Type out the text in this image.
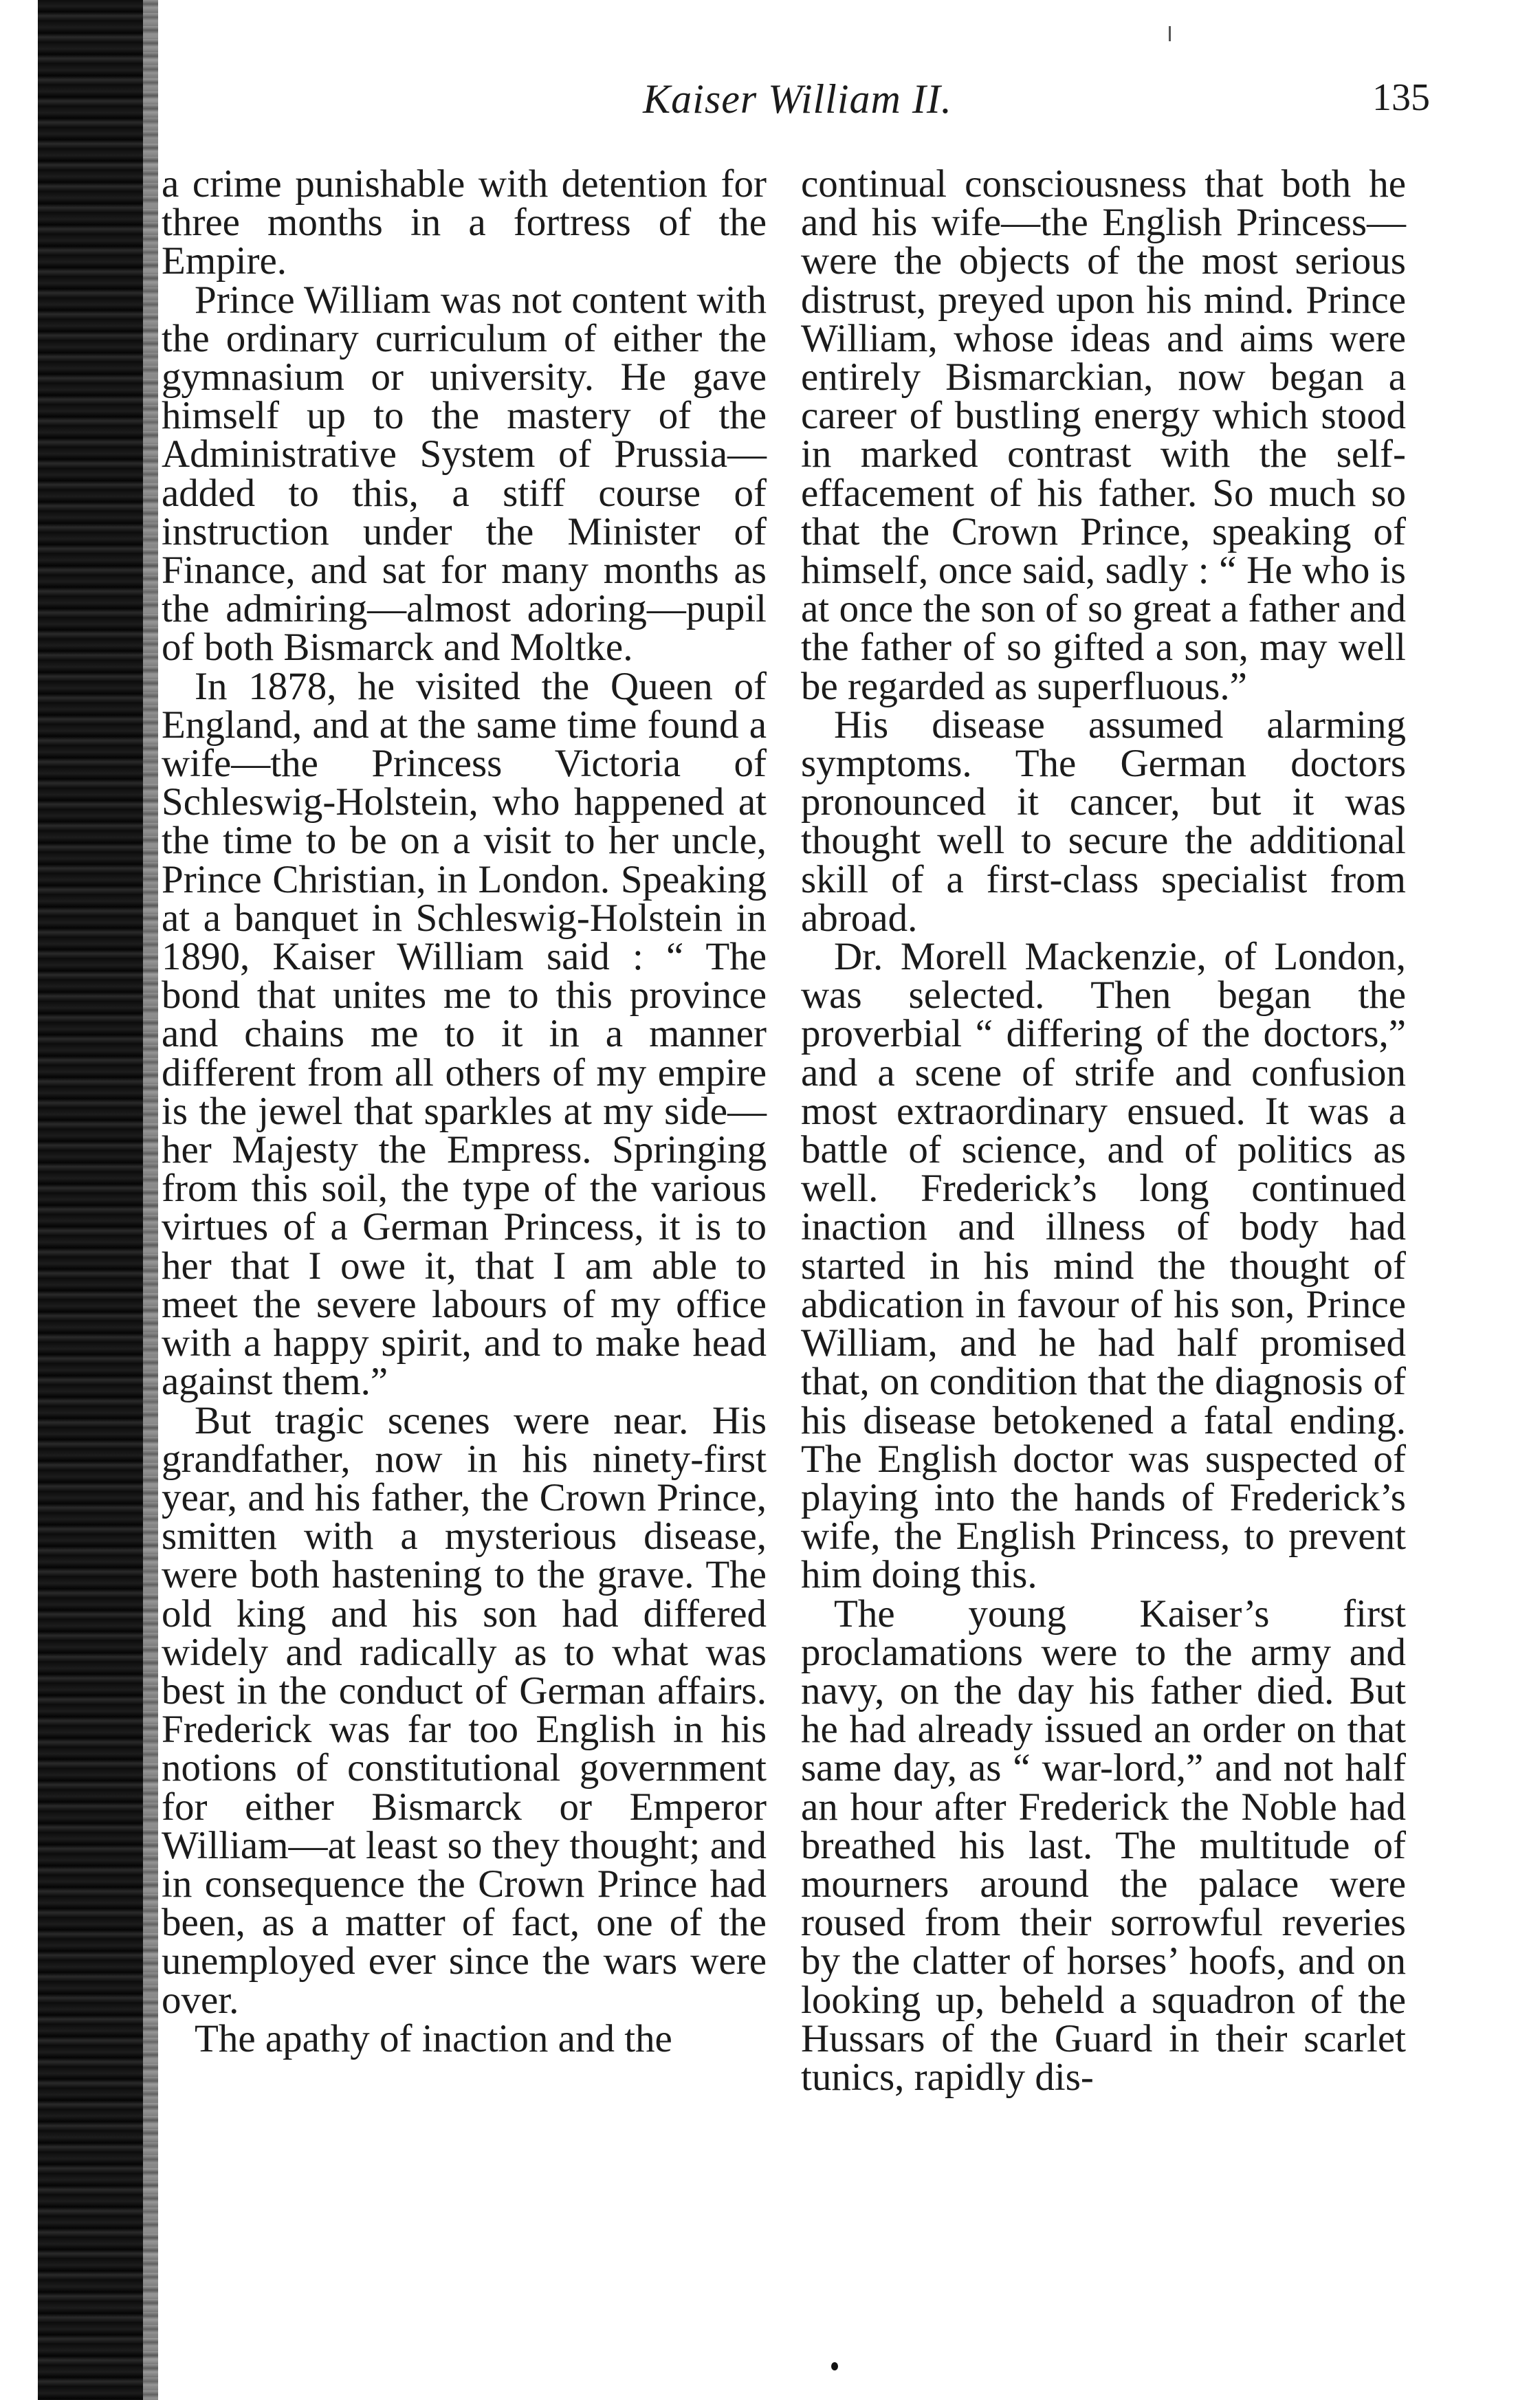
Kaiser William II.	135

a crime punishable with detention for three months in a fortress of the Empire.

Prince William was not content with the ordinary curriculum of either the gymnasium or university. He gave himself up to the mastery of the Administrative System of Prussia—added to this, a stiff course of instruction under the Minister of Finance, and sat for many months as the admiring—almost adoring—pupil of both Bismarck and Moltke.

In 1878, he visited the Queen of England, and at the same time found a wife—the Princess Victoria of Schleswig-Holstein, who happened at the time to be on a visit to her uncle, Prince Christian, in London. Speaking at a banquet in Schleswig-Holstein in 1890, Kaiser William said : “ The bond that unites me to this province and chains me to it in a manner different from all others of my empire is the jewel that sparkles at my side—her Majesty the Empress. Springing from this soil, the type of the various virtues of a German Princess, it is to her that I owe it, that I am able to meet the severe labours of my office with a happy spirit, and to make head against them.”

But tragic scenes were near. His grandfather, now in his ninety-first year, and his father, the Crown Prince, smitten with a mysterious disease, were both hastening to the grave. The old king and his son had differed widely and radically as to what was best in the conduct of German affairs. Frederick was far too English in his notions of constitutional government for either Bismarck or Emperor William—at least so they thought; and in consequence the Crown Prince had been, as a matter of fact, one of the unemployed ever since the wars were over.

The apathy of inaction and the

continual consciousness that both he and his wife—the English Princess—were the objects of the most serious distrust, preyed upon his mind. Prince William, whose ideas and aims were entirely Bismarckian, now began a career of bustling energy which stood in marked contrast with the self-effacement of his father. So much so that the Crown Prince, speaking of himself, once said, sadly : “ He who is at once the son of so great a father and the father of so gifted a son, may well be regarded as superfluous.”

His disease assumed alarming symptoms. The German doctors pronounced it cancer, but it was thought well to secure the additional skill of a first-class specialist from abroad.

Dr. Morell Mackenzie, of London, was selected. Then began the proverbial “ differing of the doctors,” and a scene of strife and confusion most extraordinary ensued. It was a battle of science, and of politics as well. Frederick’s long continued inaction and illness of body had started in his mind the thought of abdication in favour of his son, Prince William, and he had half promised that, on condition that the diagnosis of his disease betokened a fatal ending. The English doctor was suspected of playing into the hands of Frederick’s wife, the English Princess, to prevent him doing this.

The young Kaiser’s first proclamations were to the army and navy, on the day his father died. But he had already issued an order on that same day, as “ war-lord,” and not half an hour after Frederick the Noble had breathed his last. The multitude of mourners around the palace were roused from their sorrowful reveries by the clatter of horses’ hoofs, and on looking up, beheld a squadron of the Hussars of the Guard in their scarlet tunics, rapidly dis-
